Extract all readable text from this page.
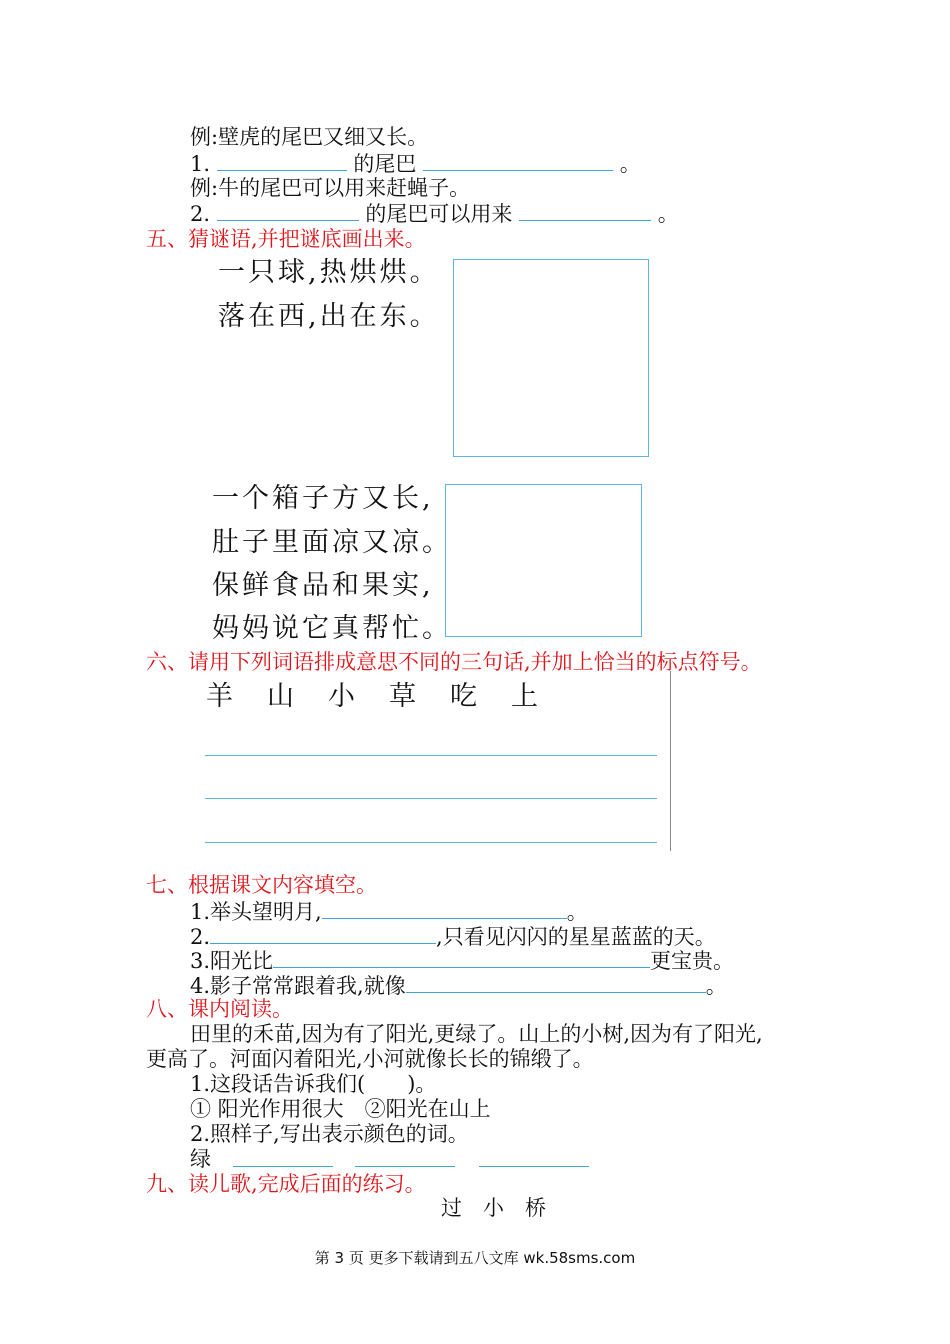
例:壁虎的尾巴又细又长。
1.	的尾巴	。
例:牛的尾巴可以用来赶蝇子。
2.	的尾巴可以用来	。
五、猜谜语,并把谜底画出来。
一只球,热烘烘。
落在西,出在东。
一个箱子方又长,
肚子里面凉又凉。
保鲜食品和果实,
妈妈说它真帮忙。
六、请用下列词语排成意思不同的三句话,并加上恰当的标点符号。
羊 山 小 草 吃 上
七、根据课文内容填空。
1.举头望明月,	。
2.	,只看见闪闪的星星蓝蓝的天。
3.阳光比	更宝贵。
4.影子常常跟着我,就像	。
八、课内阅读。
田里的禾苗,因为有了阳光,更绿了。山上的小树,因为有了阳光,
更高了。河面闪着阳光,小河就像长长的锦缎了。
1.这段话告诉我们(　　)。
① 阳光作用很大　②阳光在山上
2.照样子,写出表示颜色的词。
绿
九、读儿歌,完成后面的练习。
过　小　桥
第 3 页 更多下载请到五八文库 wk.58sms.com
